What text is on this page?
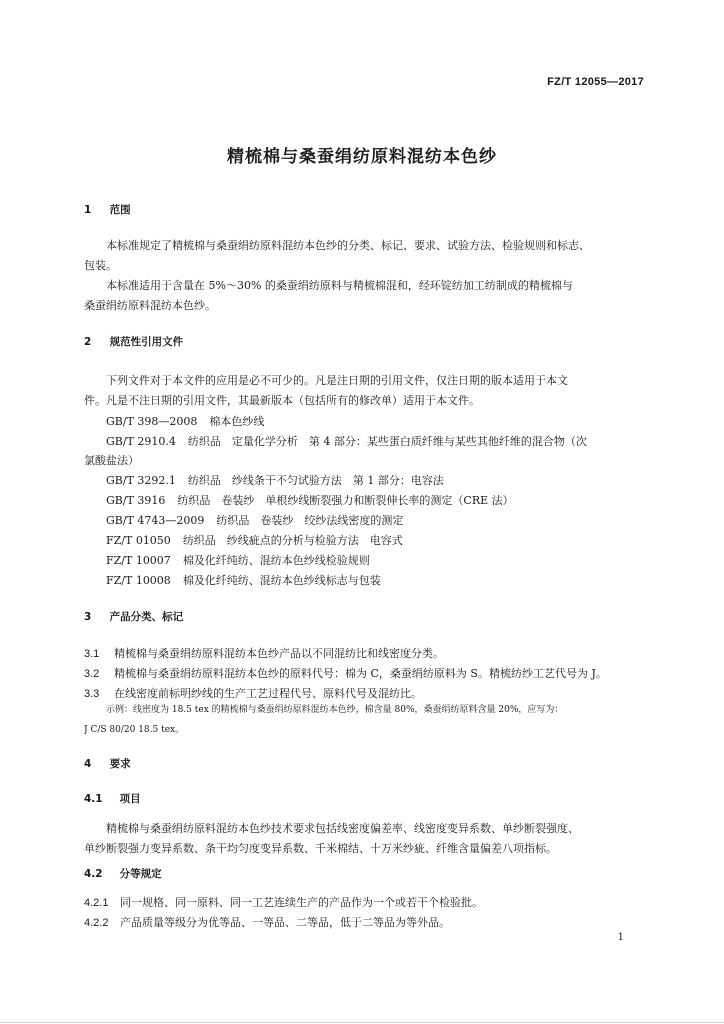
FZ/T 12055—2017
精梳棉与桑蚕绢纺原料混纺本色纱
1 范围
本标准规定了精梳棉与桑蚕绢纺原料混纺本色纱的分类、标记、要求、试验方法、检验规则和标志、
包装。
本标准适用于含量在 5%～30% 的桑蚕绢纺原料与精梳棉混和，经环锭纺加工纺制成的精梳棉与
桑蚕绢纺原料混纺本色纱。
2 规范性引用文件
下列文件对于本文件的应用是必不可少的。凡是注日期的引用文件，仅注日期的版本适用于本文
件。凡是不注日期的引用文件，其最新版本（包括所有的修改单）适用于本文件。
GB/T 398—2008 棉本色纱线
GB/T 2910.4 纺织品　定量化学分析　第 4 部分：某些蛋白质纤维与某些其他纤维的混合物（次
氯酸盐法）
GB/T 3292.1 纺织品　纱线条干不匀试验方法　第 1 部分：电容法
GB/T 3916 纺织品　卷装纱　单根纱线断裂强力和断裂伸长率的测定（CRE 法）
GB/T 4743—2009 纺织品　卷装纱　绞纱法线密度的测定
FZ/T 01050 纺织品　纱线疵点的分析与检验方法　电容式
FZ/T 10007 棉及化纤纯纺、混纺本色纱线检验规则
FZ/T 10008 棉及化纤纯纺、混纺本色纱线标志与包装
3 产品分类、标记
3.1 精梳棉与桑蚕绢纺原料混纺本色纱产品以不同混纺比和线密度分类。
3.2 精梳棉与桑蚕绢纺原料混纺本色纱的原料代号：棉为 C，桑蚕绢纺原料为 S。精梳纺纱工艺代号为 J。
3.3 在线密度前标明纱线的生产工艺过程代号、原料代号及混纺比。
示例：线密度为 18.5 tex 的精梳棉与桑蚕绢纺原料混纺本色纱，棉含量 80%，桑蚕绢纺原料含量 20%，应写为：
J C/S 80/20 18.5 tex。
4 要求
4.1 项目
精梳棉与桑蚕绢纺原料混纺本色纱技术要求包括线密度偏差率、线密度变异系数、单纱断裂强度、
单纱断裂强力变异系数、条干均匀度变异系数、千米棉结、十万米纱疵、纤维含量偏差八项指标。
4.2 分等规定
4.2.1 同一规格、同一原料、同一工艺连续生产的产品作为一个或若干个检验批。
4.2.2 产品质量等级分为优等品、一等品、二等品，低于二等品为等外品。
1
